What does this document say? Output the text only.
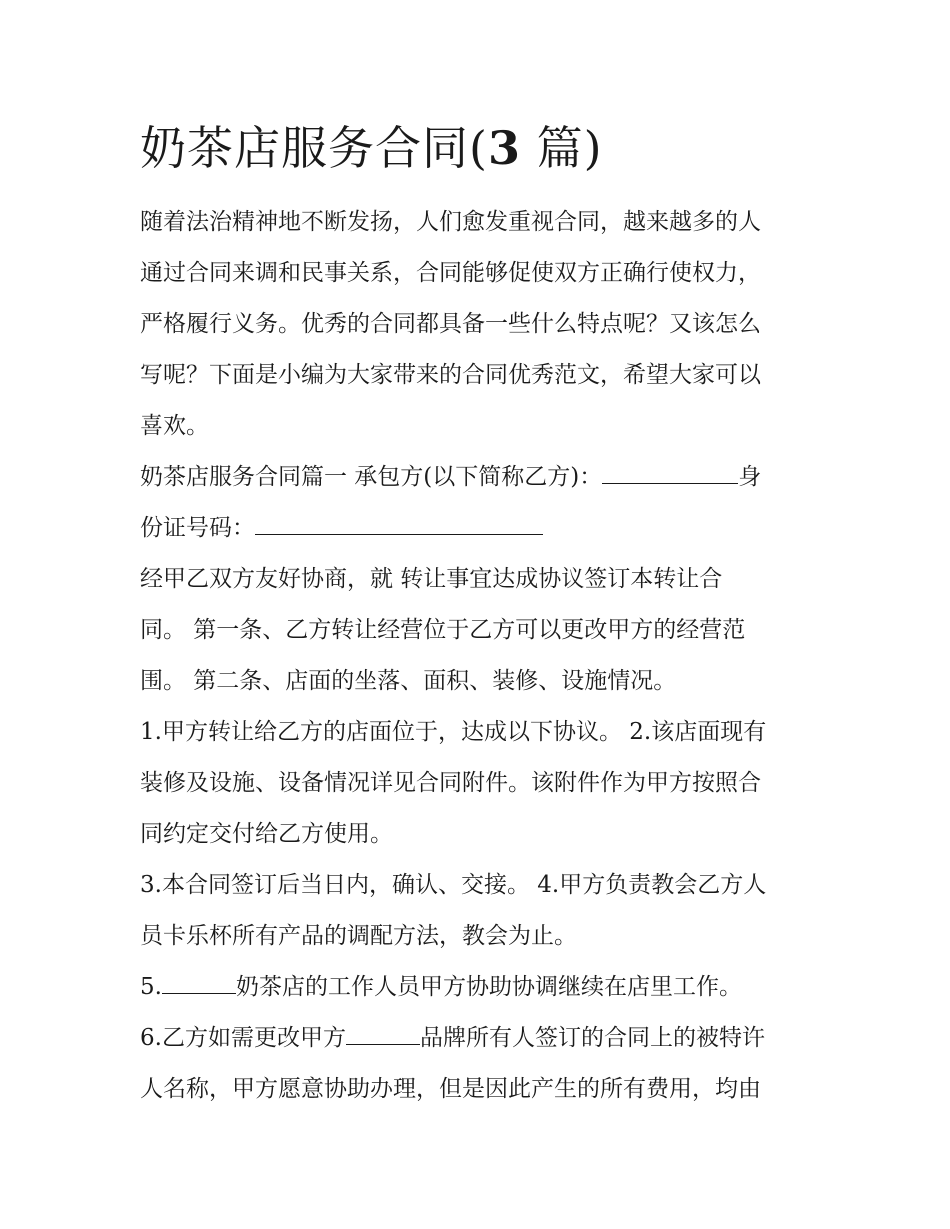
奶茶店服务合同(3 篇)

随着法治精神地不断发扬，人们愈发重视合同，越来越多的人
通过合同来调和民事关系，合同能够促使双方正确行使权力，
严格履行义务。优秀的合同都具备一些什么特点呢？又该怎么
写呢？下面是小编为大家带来的合同优秀范文，希望大家可以
喜欢。

奶茶店服务合同篇一 承包方(以下简称乙方)：	身
份证号码：

经甲乙双方友好协商，就 转让事宜达成协议签订本转让合
同。 第一条、乙方转让经营位于乙方可以更改甲方的经营范
围。 第二条、店面的坐落、面积、装修、设施情况。

1.甲方转让给乙方的店面位于，达成以下协议。 2.该店面现有
装修及设施、设备情况详见合同附件。该附件作为甲方按照合
同约定交付给乙方使用。

3.本合同签订后当日内，确认、交接。 4.甲方负责教会乙方人
员卡乐杯所有产品的调配方法，教会为止。

5.	奶茶店的工作人员甲方协助协调继续在店里工作。

6.乙方如需更改甲方	品牌所有人签订的合同上的被特许
人名称，甲方愿意协助办理，但是因此产生的所有费用，均由
